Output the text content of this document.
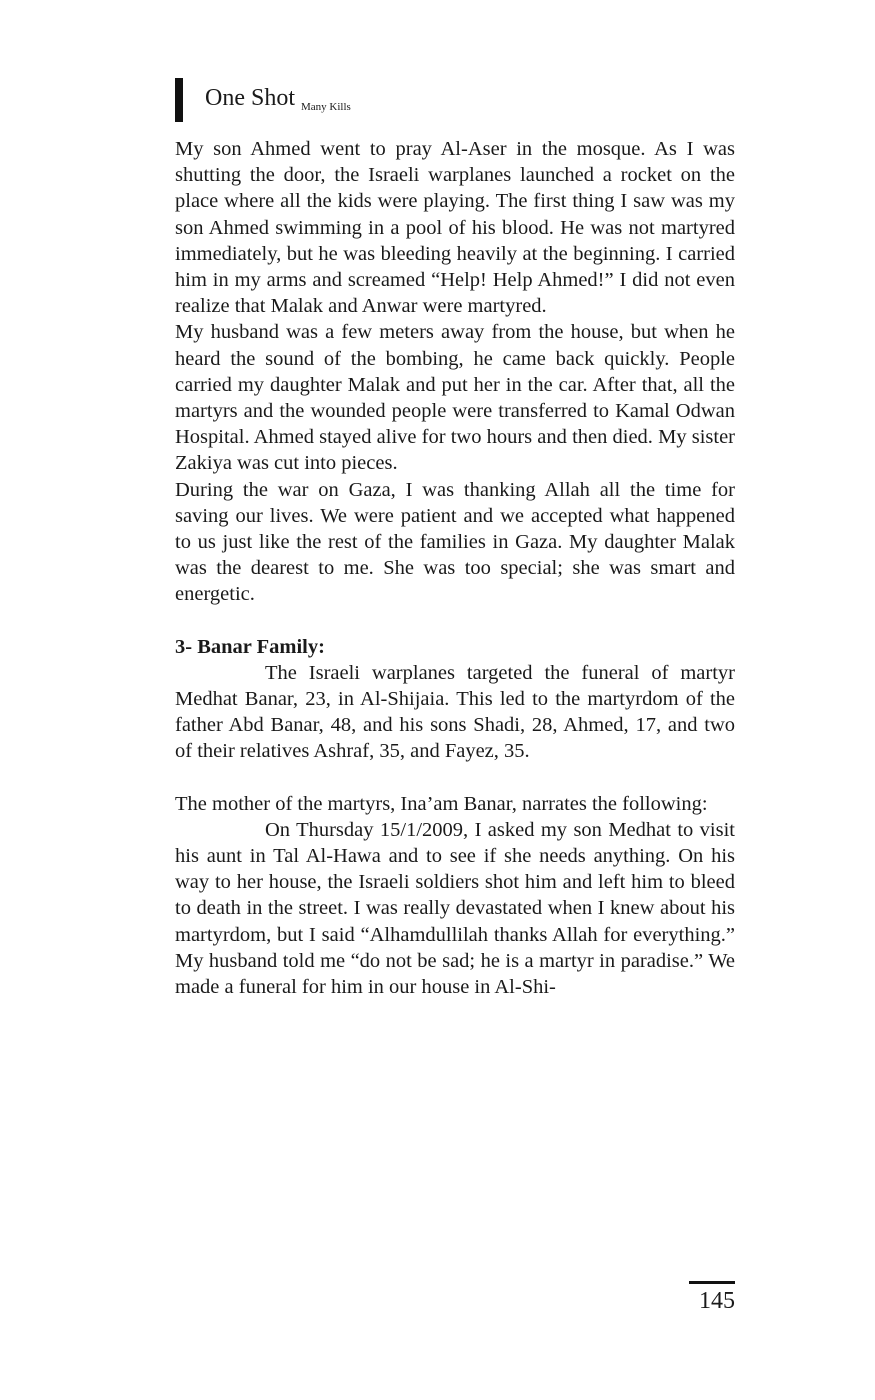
One Shot Many Kills

My son Ahmed went to pray Al-Aser in the mosque. As I was shutting the door, the Israeli warplanes launched a rocket on the place where all the kids were playing. The first thing I saw was my son Ahmed swimming in a pool of his blood. He was not martyred immediately, but he was bleeding heavily at the beginning. I carried him in my arms and screamed “Help! Help Ahmed!” I did not even realize that Malak and Anwar were martyred.

My husband was a few meters away from the house, but when he heard the sound of the bombing, he came back quickly. People carried my daughter Malak and put her in the car. After that, all the martyrs and the wounded people were transferred to Kamal Odwan Hospital. Ahmed stayed alive for two hours and then died. My sister Zakiya was cut into pieces.

During the war on Gaza, I was thanking Allah all the time for saving our lives. We were patient and we accepted what happened to us just like the rest of the families in Gaza. My daughter Malak was the dearest to me. She was too special; she was smart and energetic.

3- Banar Family:

The Israeli warplanes targeted the funeral of martyr Medhat Banar, 23, in Al-Shijaia. This led to the martyrdom of the father Abd Banar, 48, and his sons Shadi, 28, Ahmed, 17, and two of their relatives Ashraf, 35, and Fayez, 35.

The mother of the martyrs, Ina’am Banar, narrates the following:

On Thursday 15/1/2009, I asked my son Medhat to visit his aunt in Tal Al-Hawa and to see if she needs anything. On his way to her house, the Israeli soldiers shot him and left him to bleed to death in the street. I was really devastated when I knew about his martyrdom, but I said “Alhamdullilah thanks Allah for everything.” My husband told me “do not be sad; he is a martyr in paradise.” We made a funeral for him in our house in Al-Shi-

145
